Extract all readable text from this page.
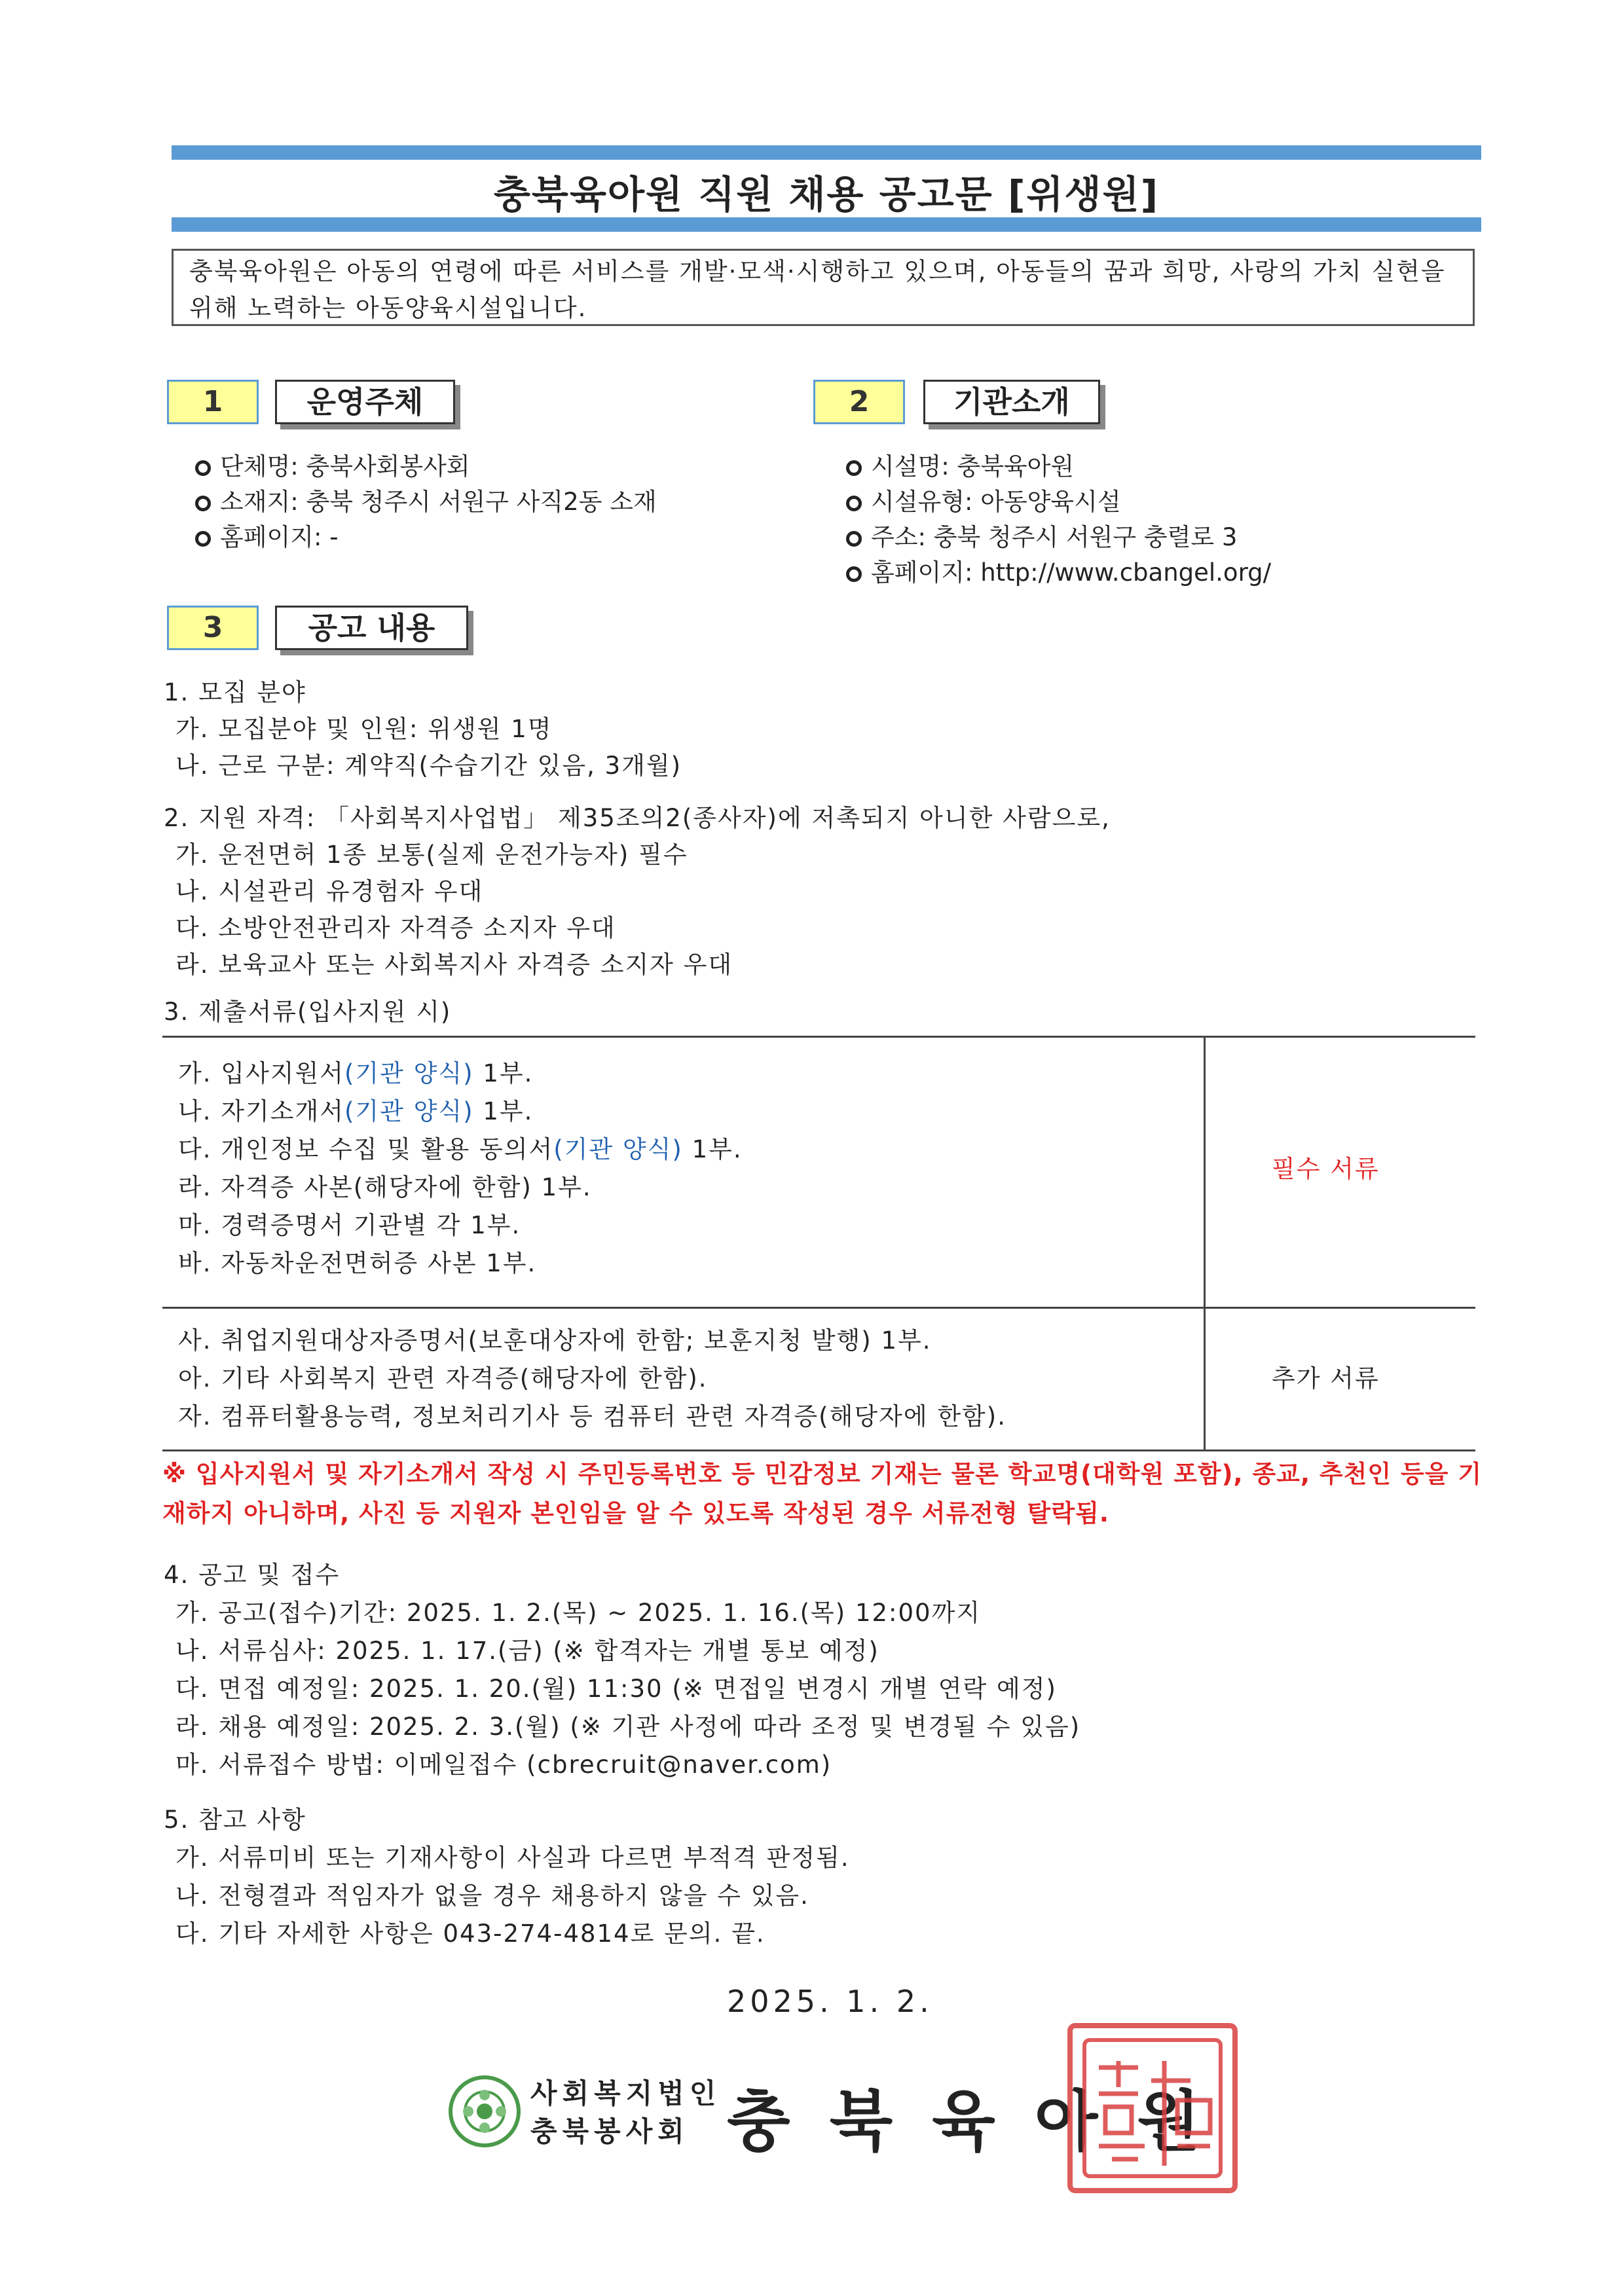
충북육아원 직원 채용 공고문 [위생원]
충북육아원은 아동의 연령에 따른 서비스를 개발·모색·시행하고 있으며, 아동들의 꿈과 희망, 사랑의 가치 실현을 위해 노력하는 아동양육시설입니다.
1	운영주체
단체명: 충북사회봉사회
소재지: 충북 청주시 서원구 사직2동 소재
홈페이지: -
2	기관소개
시설명: 충북육아원
시설유형: 아동양육시설
주소: 충북 청주시 서원구 충렬로 3
홈페이지: http://www.cbangel.org/
3	공고 내용
1. 모집 분야
가. 모집분야 및 인원: 위생원 1명
나. 근로 구분: 계약직(수습기간 있음, 3개월)
2. 지원 자격: 「사회복지사업법」 제35조의2(종사자)에 저촉되지 아니한 사람으로,
가. 운전면허 1종 보통(실제 운전가능자) 필수
나. 시설관리 유경험자 우대
다. 소방안전관리자 자격증 소지자 우대
라. 보육교사 또는 사회복지사 자격증 소지자 우대
3. 제출서류(입사지원 시)
가. 입사지원서(기관 양식) 1부.
나. 자기소개서(기관 양식) 1부.
다. 개인정보 수집 및 활용 동의서(기관 양식) 1부.
라. 자격증 사본(해당자에 한함) 1부.
마. 경력증명서 기관별 각 1부.
바. 자동차운전면허증 사본 1부.
필수 서류
사. 취업지원대상자증명서(보훈대상자에 한함; 보훈지청 발행) 1부.
아. 기타 사회복지 관련 자격증(해당자에 한함).
자. 컴퓨터활용능력, 정보처리기사 등 컴퓨터 관련 자격증(해당자에 한함).
추가 서류
※ 입사지원서 및 자기소개서 작성 시 주민등록번호 등 민감정보 기재는 물론 학교명(대학원 포함), 종교, 추천인 등을 기재하지 아니하며, 사진 등 지원자 본인임을 알 수 있도록 작성된 경우 서류전형 탈락됨.
4. 공고 및 접수
가. 공고(접수)기간: 2025. 1. 2.(목) ~ 2025. 1. 16.(목) 12:00까지
나. 서류심사: 2025. 1. 17.(금) (※ 합격자는 개별 통보 예정)
다. 면접 예정일: 2025. 1. 20.(월) 11:30 (※ 면접일 변경시 개별 연락 예정)
라. 채용 예정일: 2025. 2. 3.(월) (※ 기관 사정에 따라 조정 및 변경될 수 있음)
마. 서류접수 방법: 이메일접수 (cbrecruit@naver.com)
5. 참고 사항
가. 서류미비 또는 기재사항이 사실과 다르면 부적격 판정됨.
나. 전형결과 적임자가 없을 경우 채용하지 않을 수 있음.
다. 기타 자세한 사항은 043-274-4814로 문의. 끝.
2025. 1. 2.
사회복지법인
충북봉사회 충북육아원
